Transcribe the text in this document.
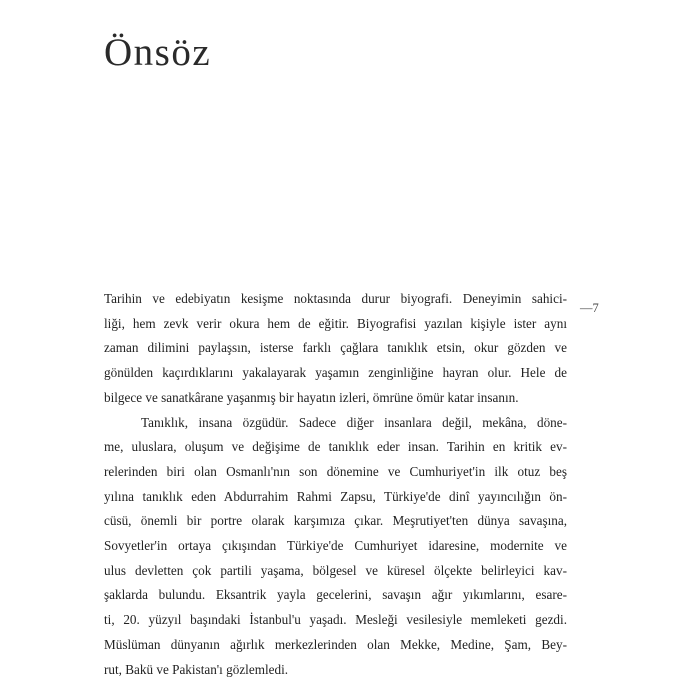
Önsöz
—7
Tarihin ve edebiyatın kesişme noktasında durur biyografi. Deneyimin sahici-
liği, hem zevk verir okura hem de eğitir. Biyografisi yazılan kişiyle ister aynı
zaman dilimini paylaşsın, isterse farklı çağlara tanıklık etsin, okur gözden ve
gönülden kaçırdıklarını yakalayarak yaşamın zenginliğine hayran olur. Hele de
bilgece ve sanatkârane yaşanmış bir hayatın izleri, ömrüne ömür katar insanın.
Tanıklık, insana özgüdür. Sadece diğer insanlara değil, mekâna, döne-
me, uluslara, oluşum ve değişime de tanıklık eder insan. Tarihin en kritik ev-
relerinden biri olan Osmanlı'nın son dönemine ve Cumhuriyet'in ilk otuz beş
yılına tanıklık eden Abdurrahim Rahmi Zapsu, Türkiye'de dinî yayıncılığın ön-
cüsü, önemli bir portre olarak karşımıza çıkar. Meşrutiyet'ten dünya savaşına,
Sovyetler'in ortaya çıkışından Türkiye'de Cumhuriyet idaresine, modernite ve
ulus devletten çok partili yaşama, bölgesel ve küresel ölçekte belirleyici kav-
şaklarda bulundu. Eksantrik yayla gecelerini, savaşın ağır yıkımlarını, esare-
ti, 20. yüzyıl başındaki İstanbul'u yaşadı. Mesleği vesilesiyle memleketi gezdi.
Müslüman dünyanın ağırlık merkezlerinden olan Mekke, Medine, Şam, Bey-
rut, Bakü ve Pakistan'ı gözlemledi.
